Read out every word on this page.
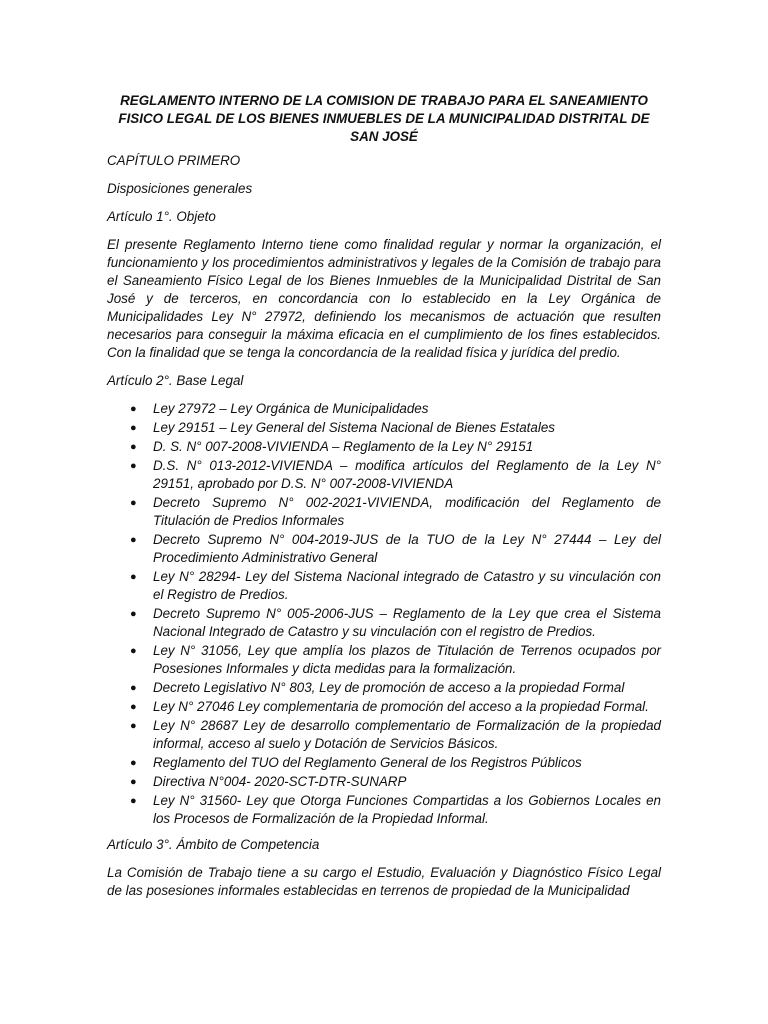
REGLAMENTO INTERNO DE LA COMISION DE TRABAJO PARA EL SANEAMIENTO FISICO LEGAL DE LOS BIENES INMUEBLES DE LA MUNICIPALIDAD DISTRITAL DE SAN JOSÉ
CAPÍTULO PRIMERO
Disposiciones generales
Artículo 1°. Objeto
El presente Reglamento Interno tiene como finalidad regular y normar la organización, el funcionamiento y los procedimientos administrativos y legales de la Comisión de trabajo para el Saneamiento Físico Legal de los Bienes Inmuebles de la Municipalidad Distrital de San José y de terceros, en concordancia con lo establecido en la Ley Orgánica de Municipalidades Ley N° 27972, definiendo los mecanismos de actuación que resulten necesarios para conseguir la máxima eficacia en el cumplimiento de los fines establecidos. Con la finalidad que se tenga la concordancia de la realidad física y jurídica del predio.
Artículo 2°. Base Legal
● Ley 27972 – Ley Orgánica de Municipalidades
● Ley 29151 – Ley General del Sistema Nacional de Bienes Estatales
● D. S. N° 007-2008-VIVIENDA – Reglamento de la Ley N° 29151
● D.S. N° 013-2012-VIVIENDA – modifica artículos del Reglamento de la Ley N° 29151, aprobado por D.S. N° 007-2008-VIVIENDA
● Decreto Supremo N° 002-2021-VIVIENDA, modificación del Reglamento de Titulación de Predios Informales
● Decreto Supremo N° 004-2019-JUS de la TUO de la Ley N° 27444 – Ley del Procedimiento Administrativo General
● Ley N° 28294- Ley del Sistema Nacional integrado de Catastro y su vinculación con el Registro de Predios.
● Decreto Supremo N° 005-2006-JUS – Reglamento de la Ley que crea el Sistema Nacional Integrado de Catastro y su vinculación con el registro de Predios.
● Ley N° 31056, Ley que amplía los plazos de Titulación de Terrenos ocupados por Posesiones Informales y dicta medidas para la formalización.
● Decreto Legislativo N° 803, Ley de promoción de acceso a la propiedad Formal
● Ley N° 27046 Ley complementaria de promoción del acceso a la propiedad Formal.
● Ley N° 28687 Ley de desarrollo complementario de Formalización de la propiedad informal, acceso al suelo y Dotación de Servicios Básicos.
● Reglamento del TUO del Reglamento General de los Registros Públicos
● Directiva N°004- 2020-SCT-DTR-SUNARP
● Ley N° 31560- Ley que Otorga Funciones Compartidas a los Gobiernos Locales en los Procesos de Formalización de la Propiedad Informal.
Artículo 3°. Ámbito de Competencia
La Comisión de Trabajo tiene a su cargo el Estudio, Evaluación y Diagnóstico Físico Legal de las posesiones informales establecidas en terrenos de propiedad de la Municipalidad
